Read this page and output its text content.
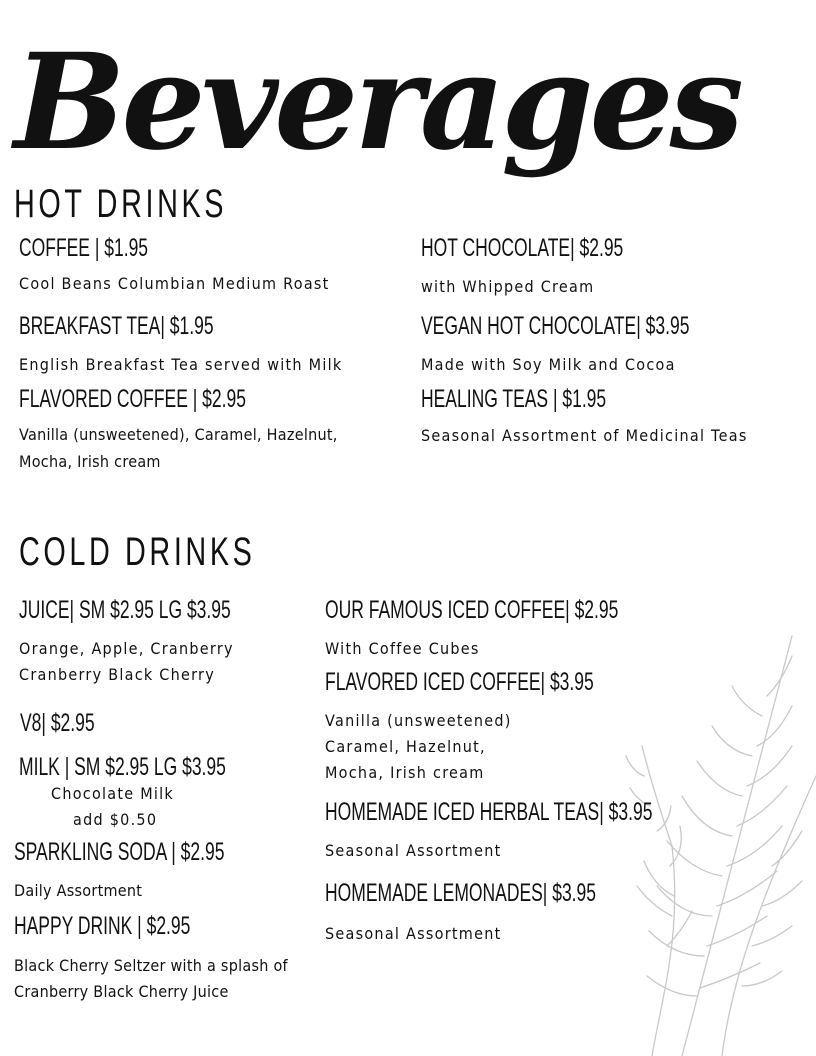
Beverages
HOT DRINKS
COFFEE | $1.95
Cool Beans Columbian Medium Roast
BREAKFAST TEA| $1.95
English Breakfast Tea served with Milk
FLAVORED COFFEE | $2.95
Vanilla (unsweetened), Caramel, Hazelnut,
Mocha, Irish cream
HOT CHOCOLATE| $2.95
with Whipped Cream
VEGAN HOT CHOCOLATE| $3.95
Made with Soy Milk and Cocoa
HEALING TEAS | $1.95
Seasonal Assortment of Medicinal Teas
COLD DRINKS
JUICE| SM $2.95 LG $3.95
Orange, Apple, Cranberry
Cranberry Black Cherry
V8| $2.95
MILK | SM $2.95 LG $3.95
Chocolate Milk
add $0.50
SPARKLING SODA | $2.95
Daily Assortment
HAPPY DRINK | $2.95
Black Cherry Seltzer with a splash of
Cranberry Black Cherry Juice
OUR FAMOUS ICED COFFEE| $2.95
With Coffee Cubes
FLAVORED ICED COFFEE| $3.95
Vanilla (unsweetened)
Caramel, Hazelnut,
Mocha, Irish cream
HOMEMADE ICED HERBAL TEAS| $3.95
Seasonal Assortment
HOMEMADE LEMONADES| $3.95
Seasonal Assortment
